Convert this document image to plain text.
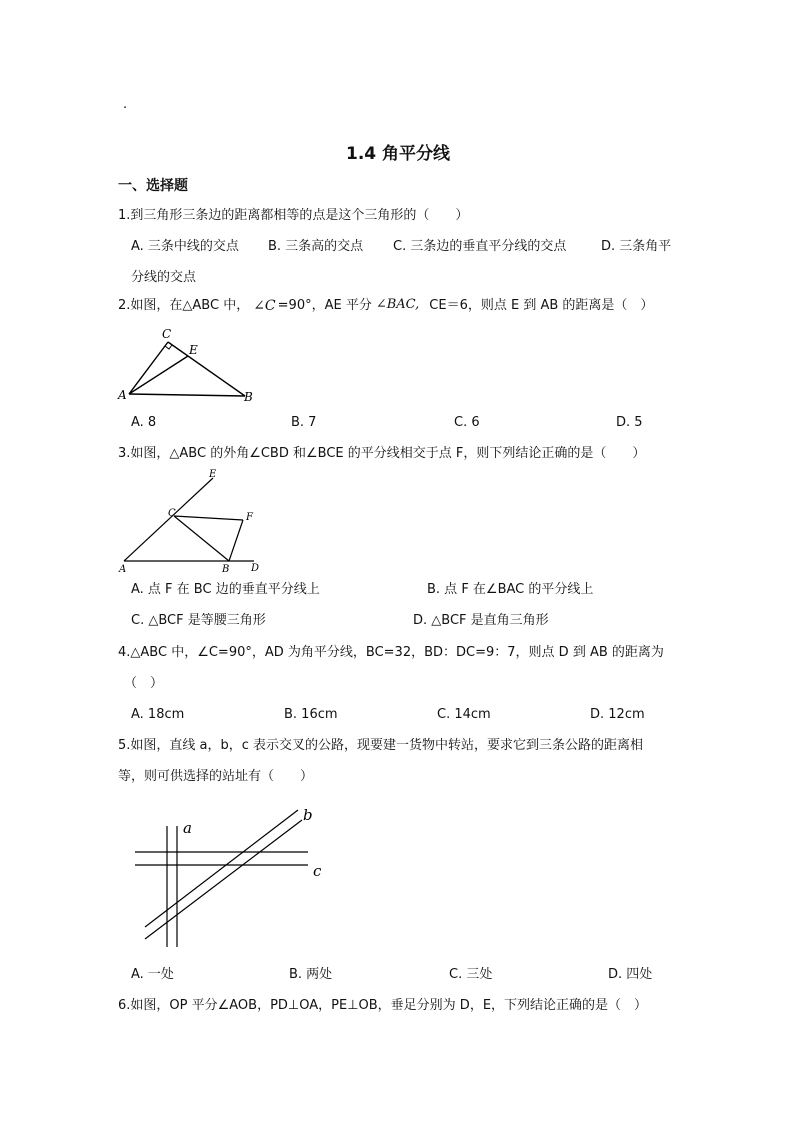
·
1.4 角平分线
一、选择题
1.到三角形三条边的距离都相等的点是这个三角形的（　　）
A. 三条中线的交点 B. 三条高的交点 C. 三条边的垂直平分线的交点	D. 三条角平
分线的交点
2.如图，在△ABC 中， ∠C =90°，AE 平分 ∠BAC, CE＝6，则点 E 到 AB 的距离是（　）
C
E
A	B
A. 8	B. 7	C. 6	D. 5
3.如图，△ABC 的外角∠CBD 和∠BCE 的平分线相交于点 F，则下列结论正确的是（　　）
E
C	F
A	B D
A. 点 F 在 BC 边的垂直平分线上	B. 点 F 在∠BAC 的平分线上
C. △BCF 是等腰三角形	D. △BCF 是直角三角形
4.△ABC 中，∠C=90°，AD 为角平分线，BC=32，BD：DC=9：7，则点 D 到 AB 的距离为
（　）
A. 18cm	B. 16cm	C. 14cm	D. 12cm
5.如图，直线 a，b，c 表示交叉的公路，现要建一货物中转站，要求它到三条公路的距离相
等，则可供选择的站址有（　　）
a
b
c
A. 一处	B. 两处	C. 三处	D. 四处
6.如图，OP 平分∠AOB，PD⊥OA，PE⊥OB，垂足分别为 D，E，下列结论正确的是（　）
